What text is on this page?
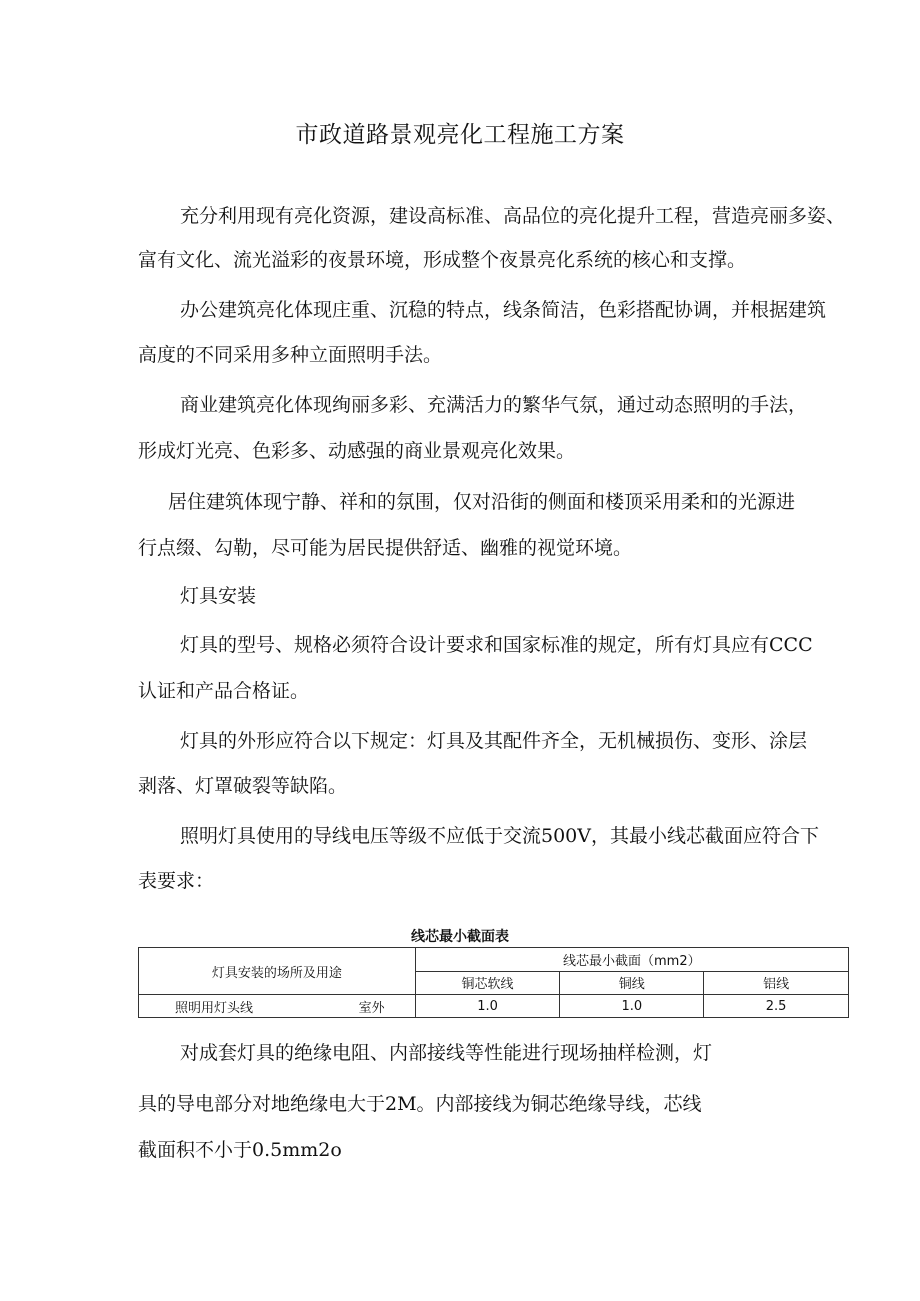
市政道路景观亮化工程施工方案
充分利用现有亮化资源，建设高标准、高品位的亮化提升工程，营造亮丽多姿、
富有文化、流光溢彩的夜景环境，形成整个夜景亮化系统的核心和支撑。
办公建筑亮化体现庄重、沉稳的特点，线条简洁，色彩搭配协调，并根据建筑
高度的不同采用多种立面照明手法。
商业建筑亮化体现绚丽多彩、充满活力的繁华气氛，通过动态照明的手法，
形成灯光亮、色彩多、动感强的商业景观亮化效果。
居住建筑体现宁静、祥和的氛围，仅对沿街的侧面和楼顶采用柔和的光源进
行点缀、勾勒，尽可能为居民提供舒适、幽雅的视觉环境。
灯具安装
灯具的型号、规格必须符合设计要求和国家标准的规定，所有灯具应有CCC
认证和产品合格证。
灯具的外形应符合以下规定：灯具及其配件齐全，无机械损伤、变形、涂层
剥落、灯罩破裂等缺陷。
照明灯具使用的导线电压等级不应低于交流500V，其最小线芯截面应符合下
表要求：
线芯最小截面表
灯具安装的场所及用途	线芯最小截面（mm2）		
	铜芯软线	铜线	铝线

照明用灯头线 室外	1.0	1.0	2.5
对成套灯具的绝缘电阻、内部接线等性能进行现场抽样检测，灯
具的导电部分对地绝缘电大于2M。内部接线为铜芯绝缘导线，芯线
截面积不小于0.5mm2o
